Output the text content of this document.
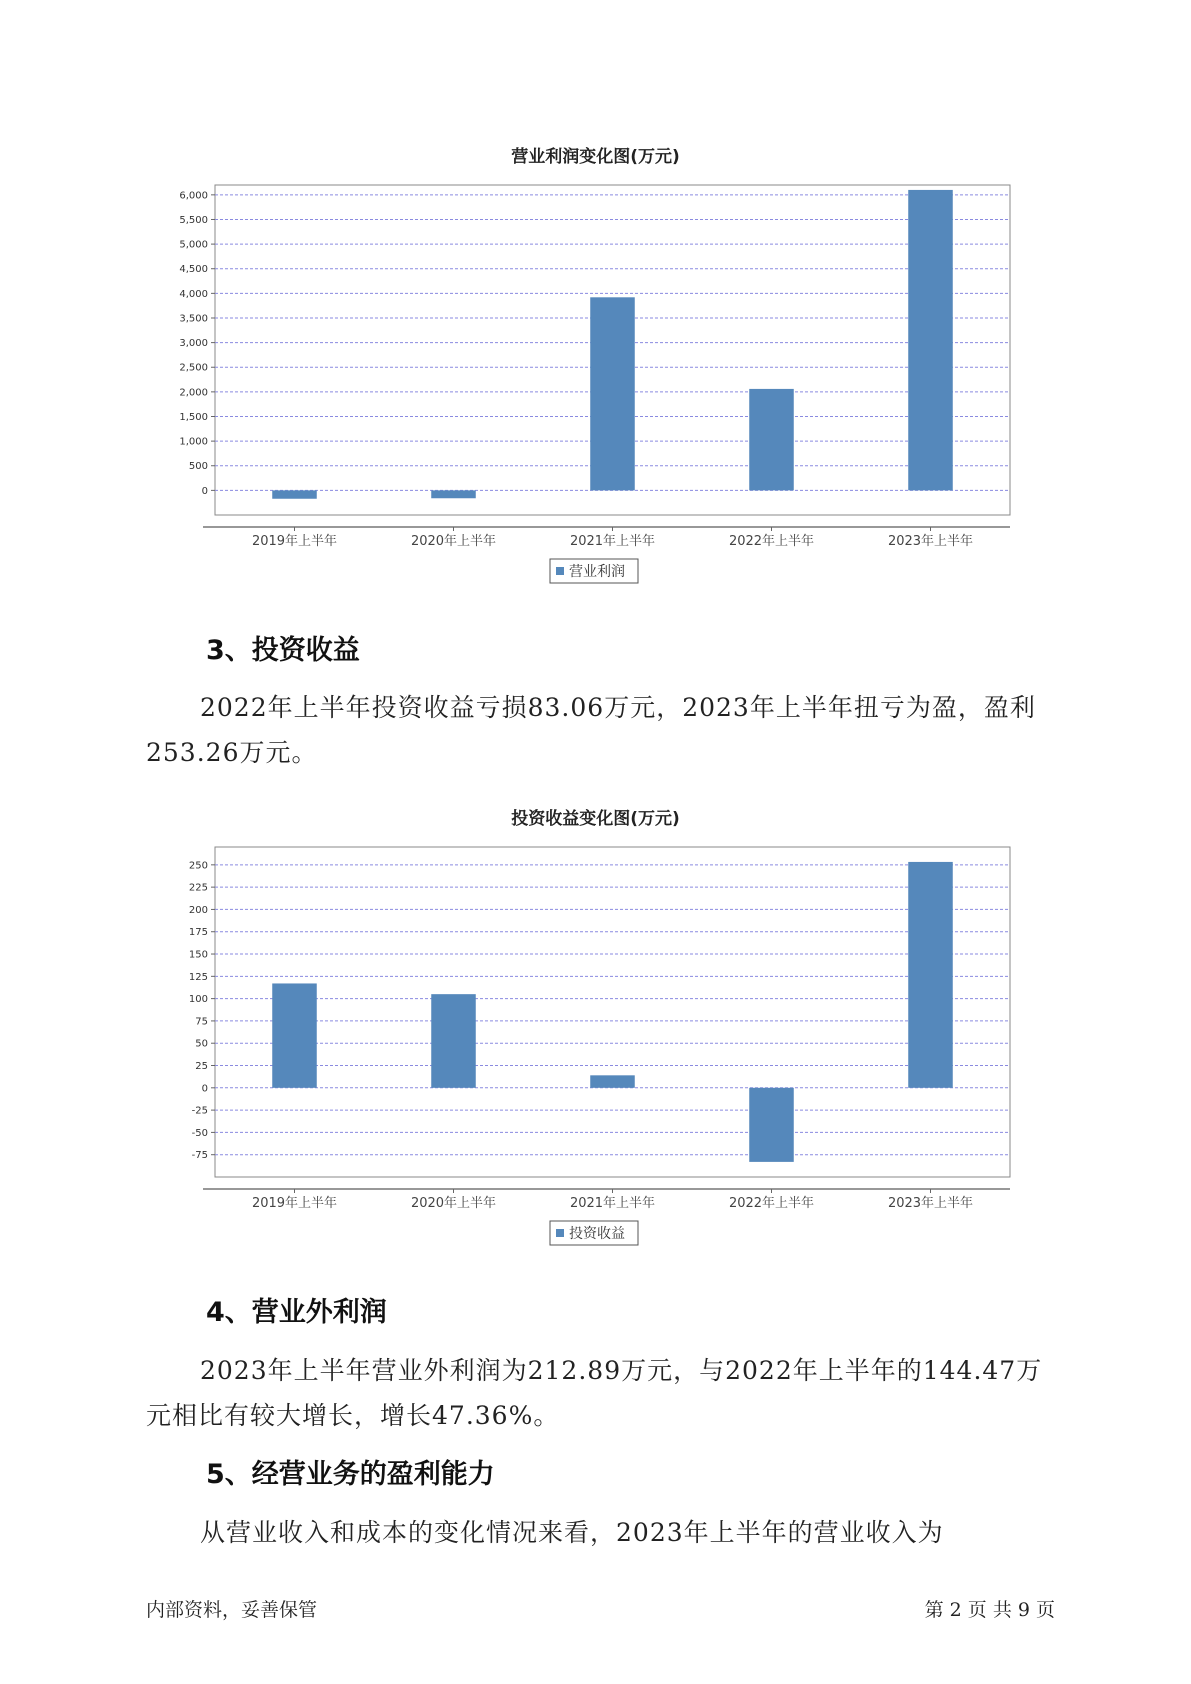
营业利润变化图(万元)
0
500
1,000
1,500
2,000
2,500
3,000
3,500
4,000
4,500
5,000
5,500
6,000
2019年上半年	2020年上半年	2021年上半年	2022年上半年	2023年上半年
营业利润
3、投资收益
2022年上半年投资收益亏损83.06万元，2023年上半年扭亏为盈，盈利
253.26万元。
投资收益变化图(万元)
-75
-50
-25
0
25
50
75
100
125
150
175
200
225
250
2019年上半年	2020年上半年	2021年上半年	2022年上半年	2023年上半年
投资收益
4、营业外利润
2023年上半年营业外利润为212.89万元，与2022年上半年的144.47万
元相比有较大增长，增长47.36%。
5、经营业务的盈利能力
从营业收入和成本的变化情况来看，2023年上半年的营业收入为
内部资料，妥善保管	第 2 页 共 9 页
